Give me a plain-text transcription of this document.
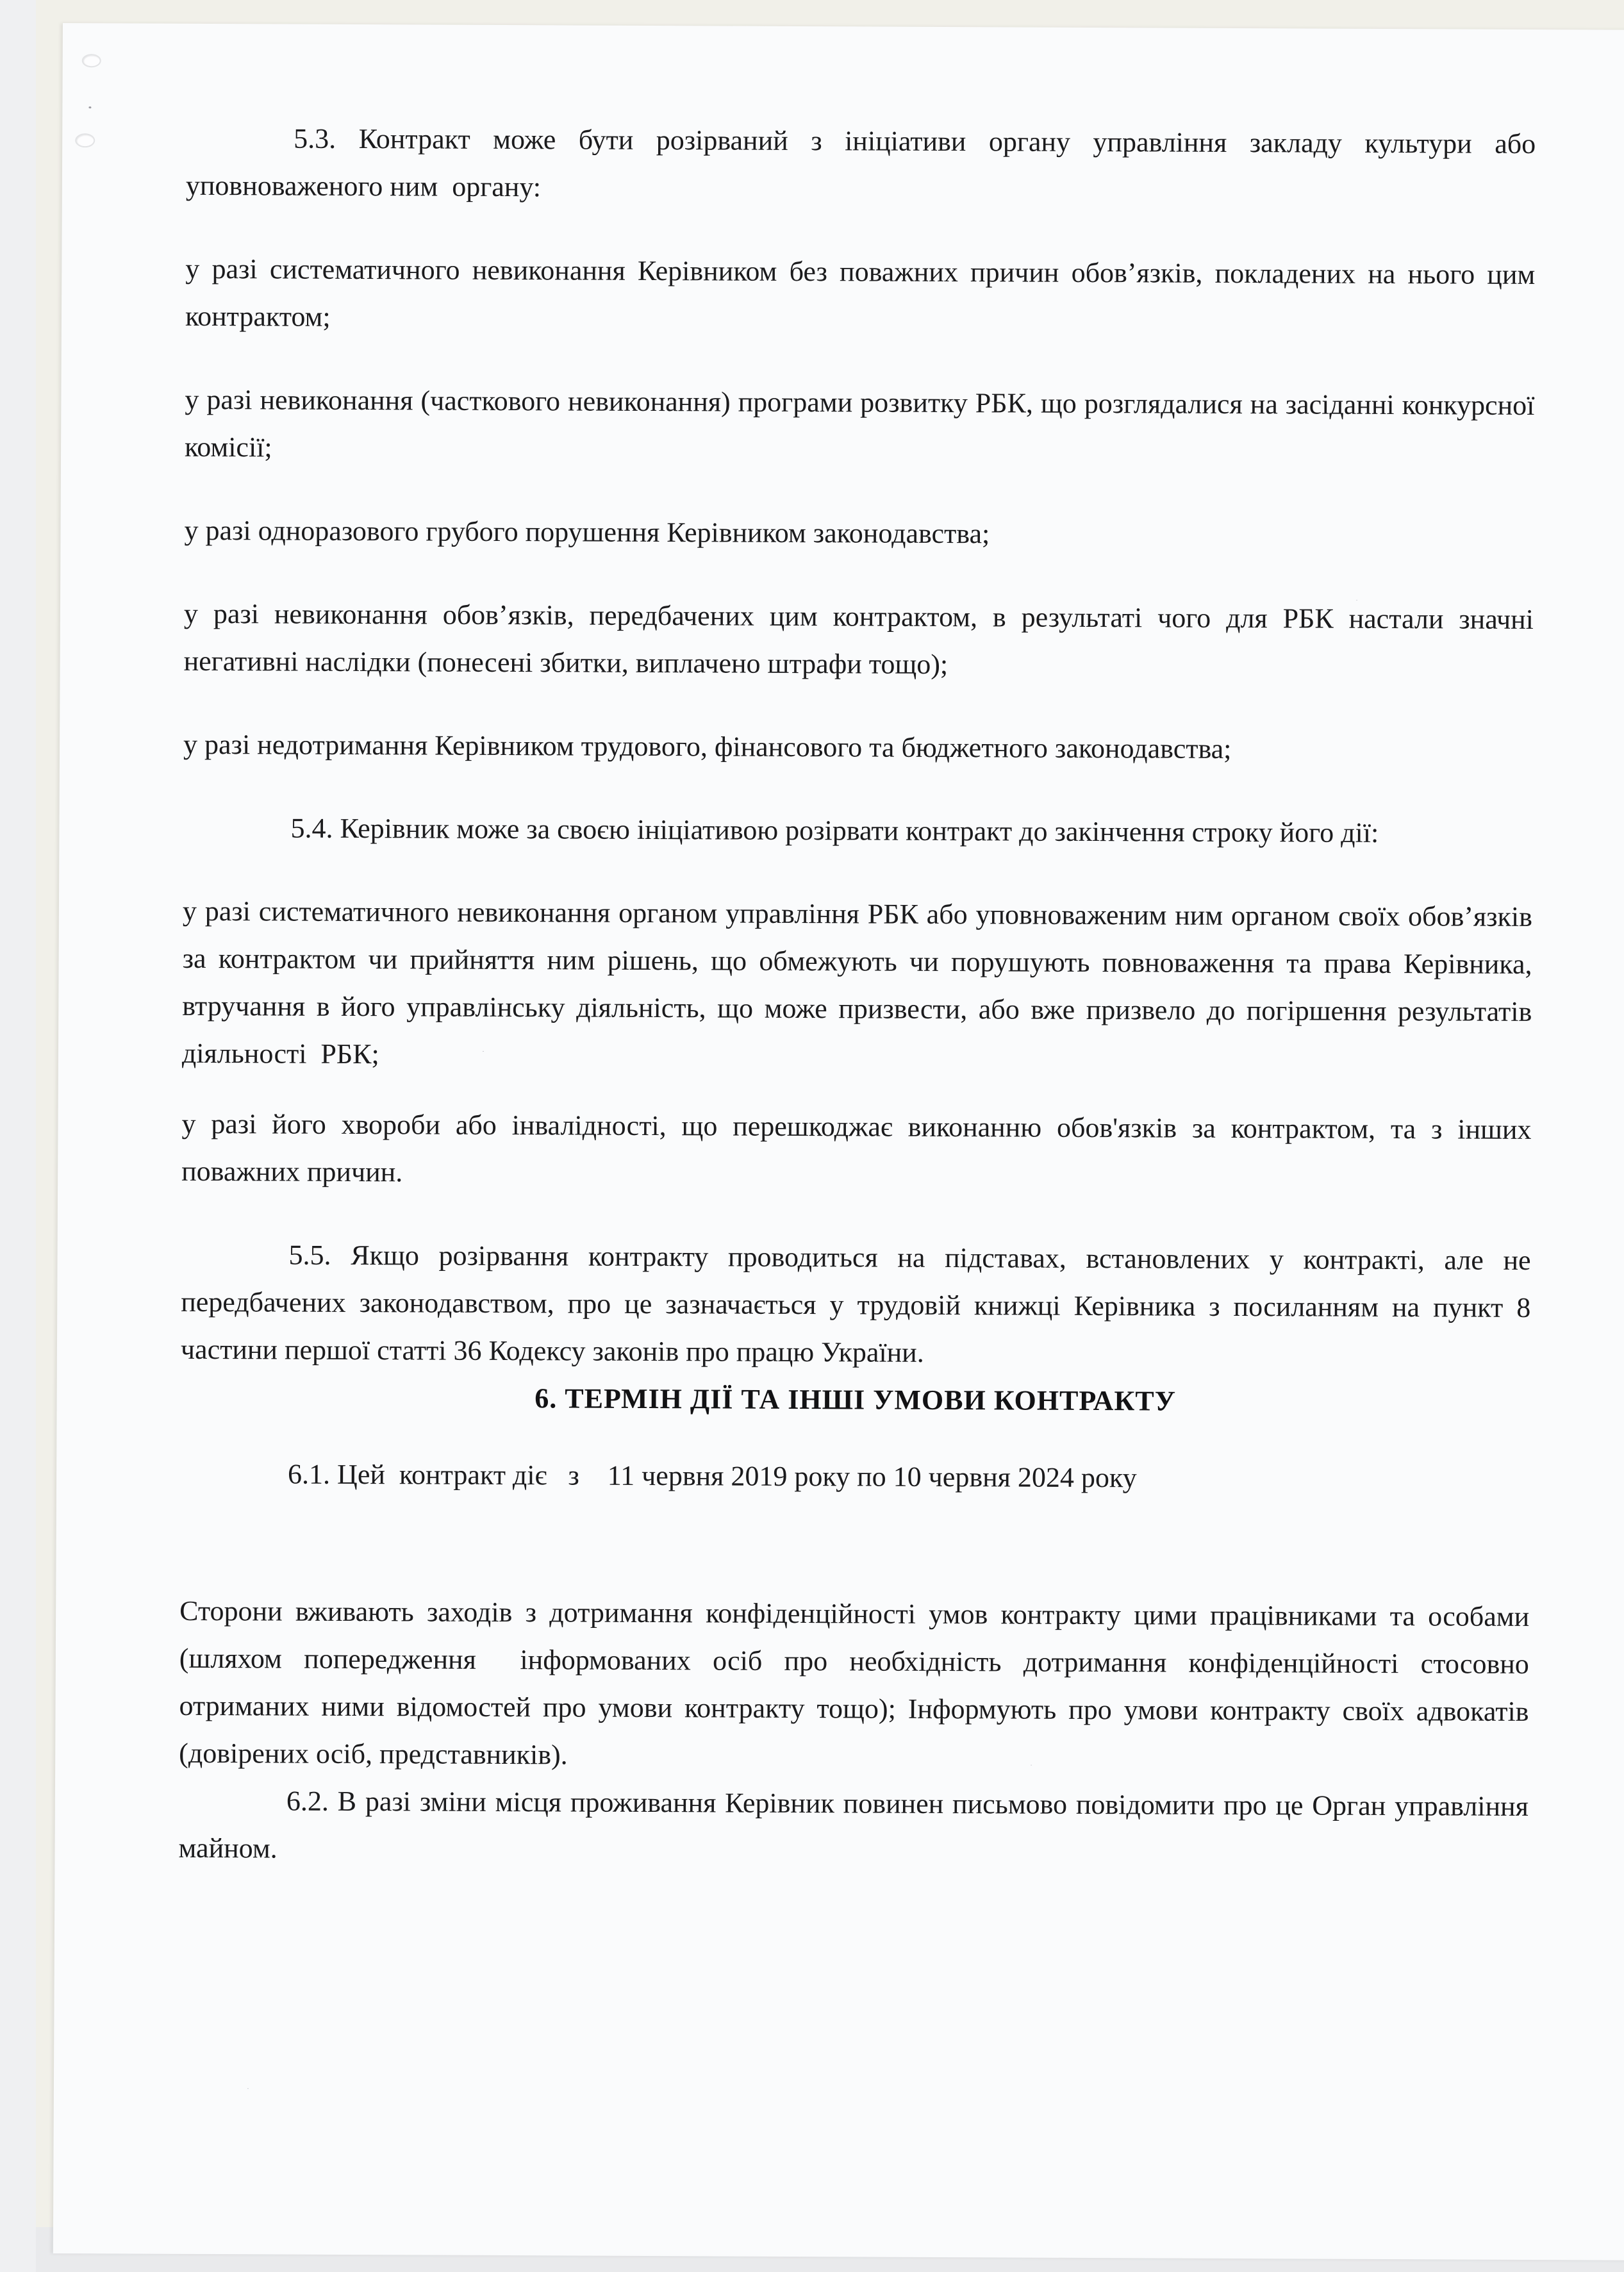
5.3. Контракт може бути розірваний з ініціативи органу управління закладу культури або уповноваженого ним  органу:

у разі систематичного невиконання Керівником без поважних причин обов’язків, покладених на нього цим контрактом;

у разі невиконання (часткового невиконання) програми розвитку РБК, що розглядалися на засіданні конкурсної комісії;

у разі одноразового грубого порушення Керівником законодавства;

у разі невиконання обов’язків, передбачених цим контрактом, в результаті чого для РБК настали значні негативні наслідки (понесені збитки, виплачено штрафи тощо);

у разі недотримання Керівником трудового, фінансового та бюджетного законодавства;

5.4. Керівник може за своєю ініціативою розірвати контракт до закінчення строку його дії:

у разі систематичного невиконання органом управління РБК або уповноваженим ним органом своїх обов’язків за контрактом чи прийняття ним рішень, що обмежують чи порушують повноваження та права Керівника, втручання в його управлінську діяльність, що може призвести, або вже призвело до погіршення результатів діяльності  РБК;

у разі його хвороби або інвалідності, що перешкоджає виконанню обов'язків за контрактом, та з інших поважних причин.

5.5. Якщо розірвання контракту проводиться на підставах, встановлених у контракті, але не передбачених законодавством, про це зазначається у трудовій книжці Керівника з посиланням на пункт 8 частини першої статті 36 Кодексу законів про працю України.

6. ТЕРМІН ДІЇ ТА ІНШІ УМОВИ КОНТРАКТУ

6.1. Цей  контракт діє   з    11 червня 2019 року по 10 червня 2024 року

Сторони вживають заходів з дотримання конфіденційності умов контракту цими працівниками та особами (шляхом попередження  інформованих осіб про необхідність дотримання конфіденційності стосовно отриманих ними відомостей про умови контракту тощо); Інформують про умови контракту своїх адвокатів (довірених осіб, представників).

6.2. В разі зміни місця проживання Керівник повинен письмово повідомити про це Орган управління майном.
